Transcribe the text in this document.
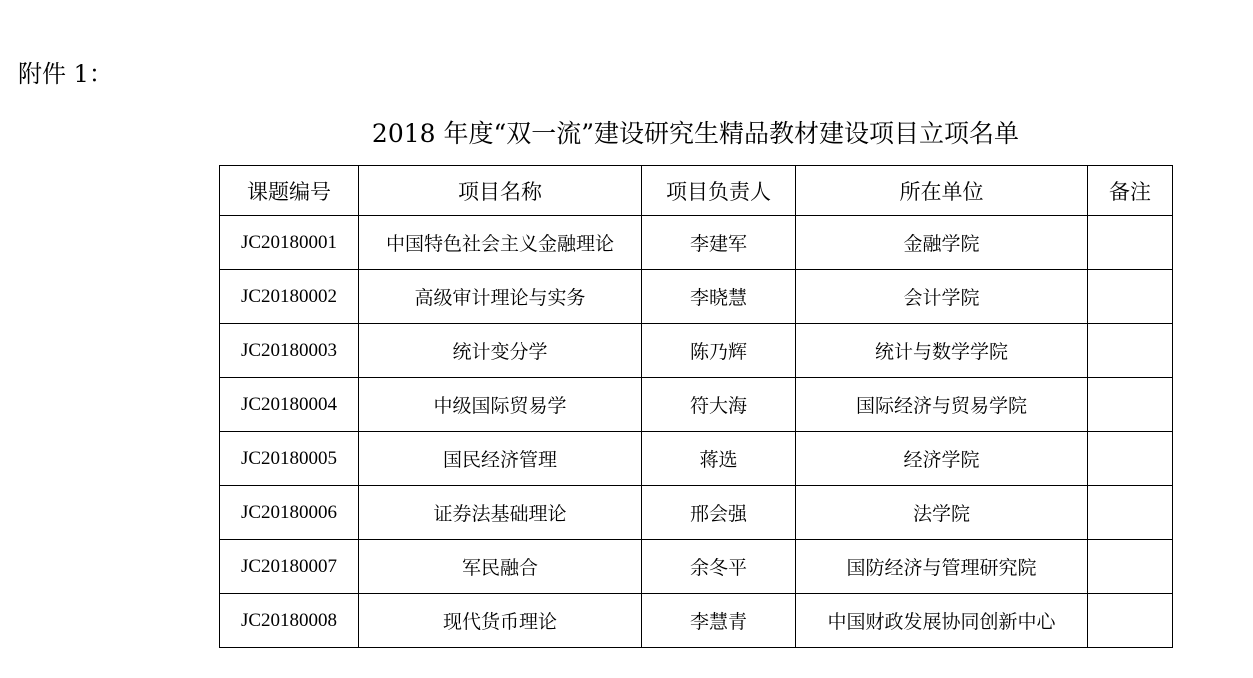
附件 1：
2018 年度“双一流”建设研究生精品教材建设项目立项名单
课题编号	项目名称	项目负责人	所在单位	备注
JC20180001	中国特色社会主义金融理论	李建军	金融学院	
JC20180002	高级审计理论与实务	李晓慧	会计学院	
JC20180003	统计变分学	陈乃辉	统计与数学学院	
JC20180004	中级国际贸易学	符大海	国际经济与贸易学院	
JC20180005	国民经济管理	蒋选	经济学院	
JC20180006	证券法基础理论	邢会强	法学院	
JC20180007	军民融合	余冬平	国防经济与管理研究院	
JC20180008	现代货币理论	李慧青	中国财政发展协同创新中心	
